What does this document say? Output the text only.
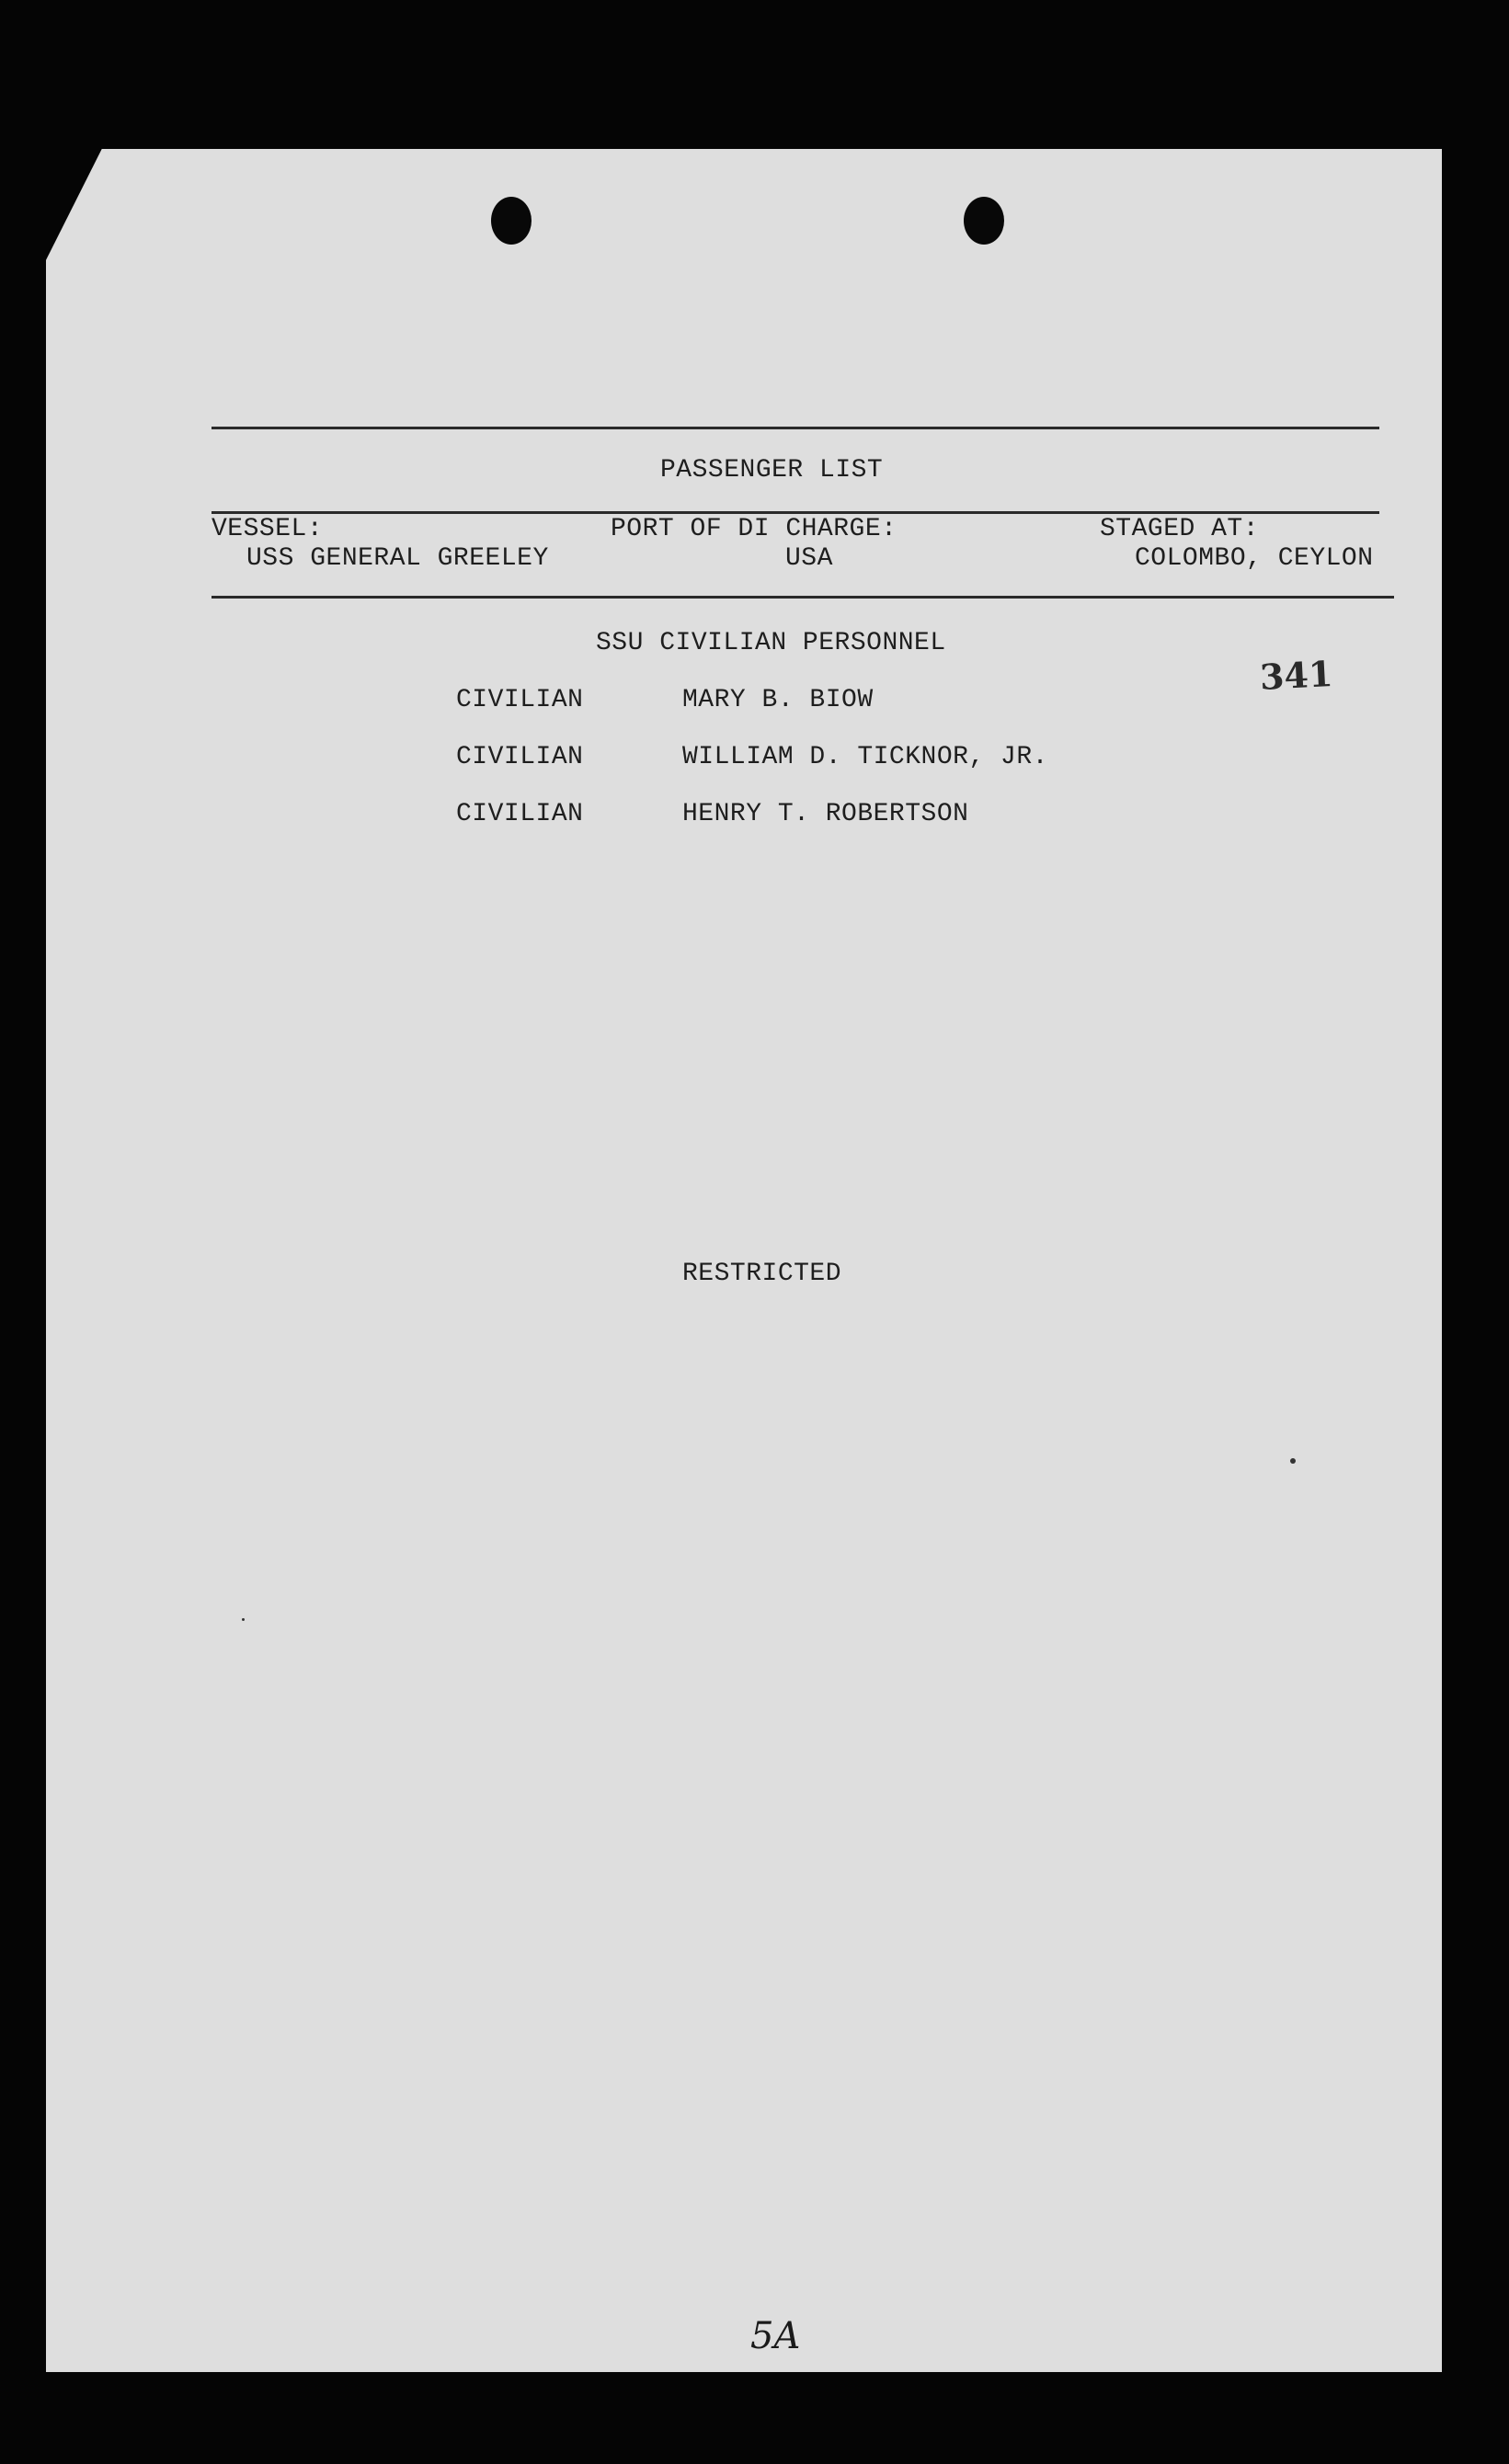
PASSENGER LIST
VESSEL:	PORT OF DI CHARGE:	STAGED AT:
USS GENERAL GREELEY	USA	COLOMBO, CEYLON
SSU CIVILIAN PERSONNEL
341
CIVILIAN	MARY B. BIOW
CIVILIAN	WILLIAM D. TICKNOR, JR.
CIVILIAN	HENRY T. ROBERTSON
RESTRICTED
5A
